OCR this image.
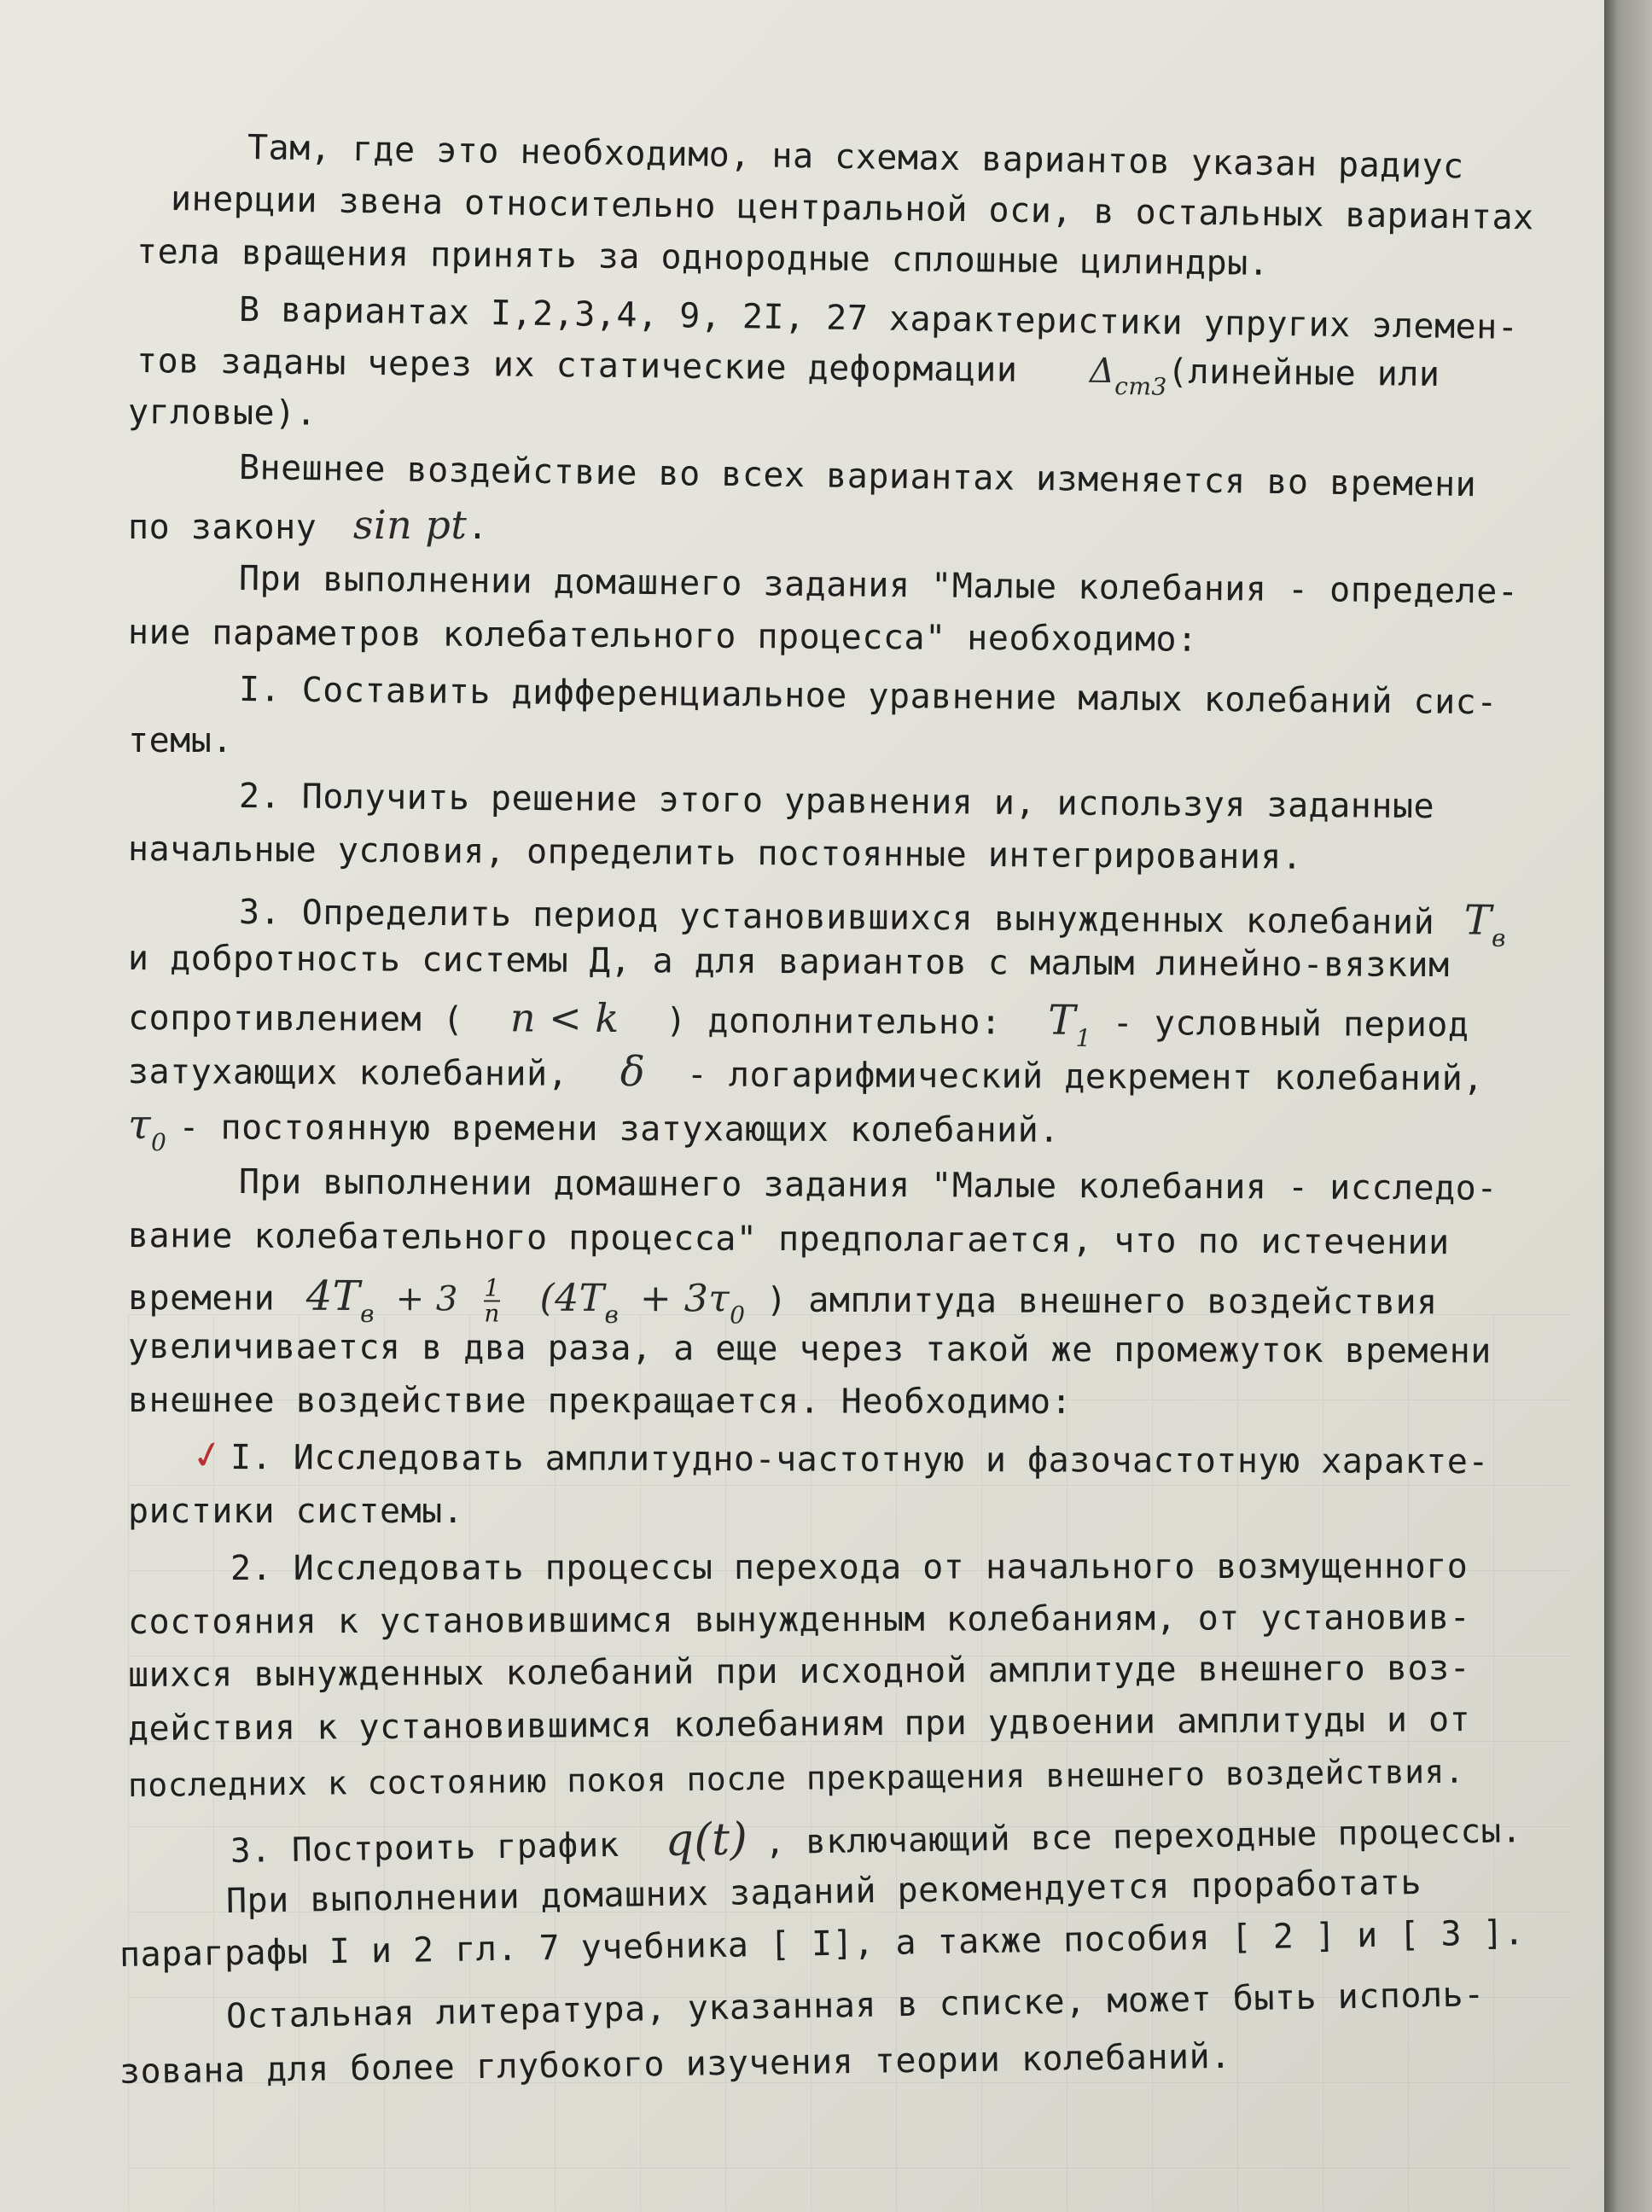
Там, где это необходимо, на схемах вариантов указан радиус
инерции звена относительно центральной оси, в остальных вариантах
тела вращения принять за однородные сплошные цилиндры.
В вариантах I,2,3,4, 9, 2I, 27 характеристики упругих элемен-
тов заданы через их статические деформации $\Delta_{ст3}(линейные$ или
угловые).
Внешнее воздействие во всех вариантах изменяется во времени
по закону sin pt.
При выполнении домашнего задания "Малые колебания - определе-
ние параметров колебательного процесса" необходимо:
I. Составить дифференциальное уравнение малых колебаний сис-
темы.
2. Получить решение этого уравнения и, используя заданные
начальные условия, определить постоянные интегрирования.
3. Определить период установившихся вынужденных колебаний $T_в$
и добротность системы Д, а для вариантов с малым линейно-вязким
сопротивлением ( n < k ) дополнительно: $T_1$ - условный период
затухающих колебаний, δ - логарифмический декремент колебаний,
$\tau_0$ - постоянную времени затухающих колебаний.
При выполнении домашнего задания "Малые колебания - исследо-
вание колебательного процесса" предполагается, что по истечении
времени $4T_в + 3 \frac{1}{n} (4T_в + 3\tau_0$ ) амплитуда внешнего воздействия
увеличивается в два раза, а еще через такой же промежуток времени
внешнее воздействие прекращается. Необходимо:
✓ I. Исследовать амплитудно-частотную и фазочастотную характе-
ристики системы.
2. Исследовать процессы перехода от начального возмущенного
состояния к установившимся вынужденным колебаниям, от установив-
шихся вынужденных колебаний при исходной амплитуде внешнего воз-
действия к установившимся колебаниям при удвоении амплитуды и от
последних к состоянию покоя после прекращения внешнего воздействия.
3. Построить график q(t) , включающий все переходные процессы.
При выполнении домашних заданий рекомендуется проработать
параграфы I и 2 гл. 7 учебника [ I], а также пособия [ 2 ] и [ 3 ].
Остальная литература, указанная в списке, может быть исполь-
зована для более глубокого изучения теории колебаний.
